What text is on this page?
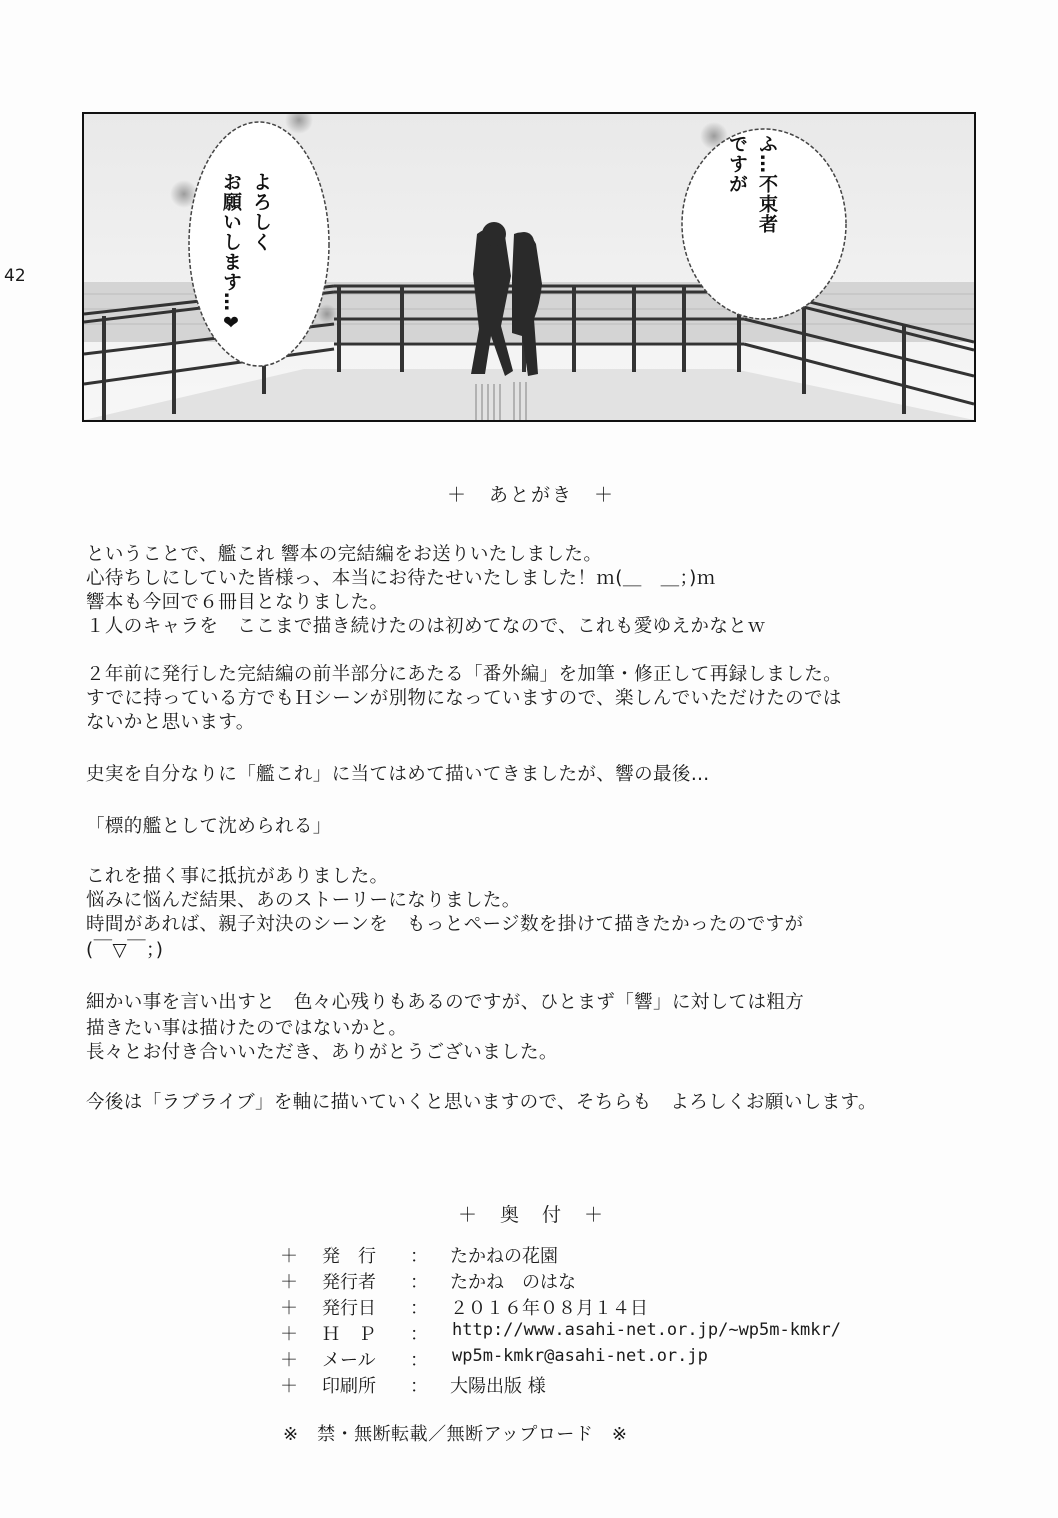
42
ふ…不束者
ですが
よろしく
お願いします…❤
＋　あとがき　＋
ということで、艦これ 響本の完結編をお送りいたしました。
心待ちしにしていた皆様っ、本当にお待たせいたしました！ｍ(＿　＿；)ｍ
響本も今回で６冊目となりました。
１人のキャラを　ここまで描き続けたのは初めてなので、これも愛ゆえかなとｗ
２年前に発行した完結編の前半部分にあたる「番外編」を加筆・修正して再録しました。
すでに持っている方でもＨシーンが別物になっていますので、楽しんでいただけたのでは
ないかと思います。
史実を自分なりに「艦これ」に当てはめて描いてきましたが、響の最後…
「標的艦として沈められる」
これを描く事に抵抗がありました。
悩みに悩んだ結果、あのストーリーになりました。
時間があれば、親子対決のシーンを　もっとページ数を掛けて描きたかったのですが
(￣▽￣；)
細かい事を言い出すと　色々心残りもあるのですが、ひとまず「響」に対しては粗方
描きたい事は描けたのではないかと。
長々とお付き合いいただき、ありがとうございました。
今後は「ラブライブ」を軸に描いていくと思いますので、そちらも　よろしくお願いします。
＋　奥　付　＋
＋ 発　行 ： たかねの花園
＋ 発行者 ： たかね　のはな
＋ 発行日 ： ２０１６年０８月１４日
＋ Ｈ　Ｐ ： http://www.asahi-net.or.jp/~wp5m-kmkr/
＋ メール ： wp5m-kmkr@asahi-net.or.jp
＋ 印刷所 ： 大陽出版 様
※　禁・無断転載／無断アップロード　※
